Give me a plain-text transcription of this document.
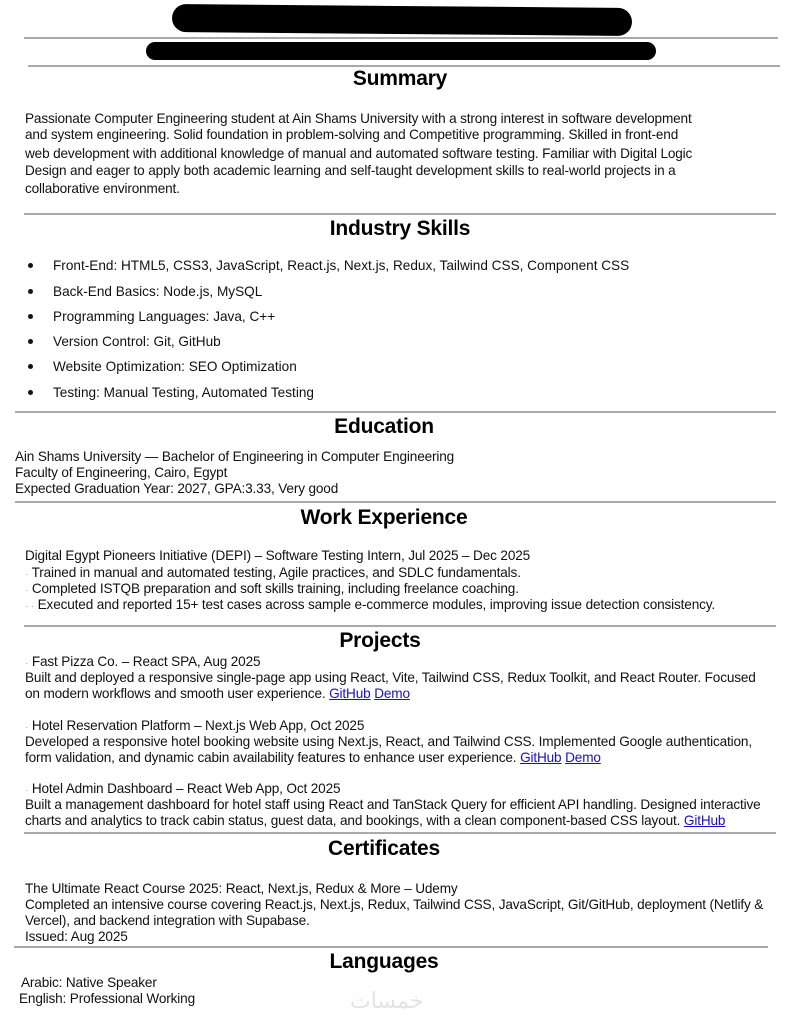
Summary
Passionate Computer Engineering student at Ain Shams University with a strong interest in software development
and system engineering. Solid foundation in problem-solving and Competitive programming. Skilled in front-end
web development with additional knowledge of manual and automated software testing. Familiar with Digital Logic
Design and eager to apply both academic learning and self-taught development skills to real-world projects in a
collaborative environment.
Industry Skills
Front-End: HTML5, CSS3, JavaScript, React.js, Next.js, Redux, Tailwind CSS, Component CSS
Back-End Basics: Node.js, MySQL
Programming Languages: Java, C++
Version Control: Git, GitHub
Website Optimization: SEO Optimization
Testing: Manual Testing, Automated Testing
Education
Ain Shams University — Bachelor of Engineering in Computer Engineering
Faculty of Engineering, Cairo, Egypt
Expected Graduation Year: 2027, GPA:3.33, Very good
Work Experience
Digital Egypt Pioneers Initiative (DEPI) – Software Testing Intern, Jul 2025 – Dec 2025
· Trained in manual and automated testing, Agile practices, and SDLC fundamentals.
· Completed ISTQB preparation and soft skills training, including freelance coaching.
· · Executed and reported 15+ test cases across sample e-commerce modules, improving issue detection consistency.
Projects
· Fast Pizza Co. – React SPA, Aug 2025
Built and deployed a responsive single-page app using React, Vite, Tailwind CSS, Redux Toolkit, and React Router. Focused
on modern workflows and smooth user experience. GitHub Demo
· Hotel Reservation Platform – Next.js Web App, Oct 2025
Developed a responsive hotel booking website using Next.js, React, and Tailwind CSS. Implemented Google authentication,
form validation, and dynamic cabin availability features to enhance user experience. GitHub Demo
· Hotel Admin Dashboard – React Web App, Oct 2025
Built a management dashboard for hotel staff using React and TanStack Query for efficient API handling. Designed interactive
charts and analytics to track cabin status, guest data, and bookings, with a clean component-based CSS layout. GitHub
Certificates
The Ultimate React Course 2025: React, Next.js, Redux & More – Udemy
Completed an intensive course covering React.js, Next.js, Redux, Tailwind CSS, JavaScript, Git/GitHub, deployment (Netlify &
Vercel), and backend integration with Supabase.
Issued: Aug 2025
Languages
Arabic: Native Speaker
English: Professional Working	خمسات
